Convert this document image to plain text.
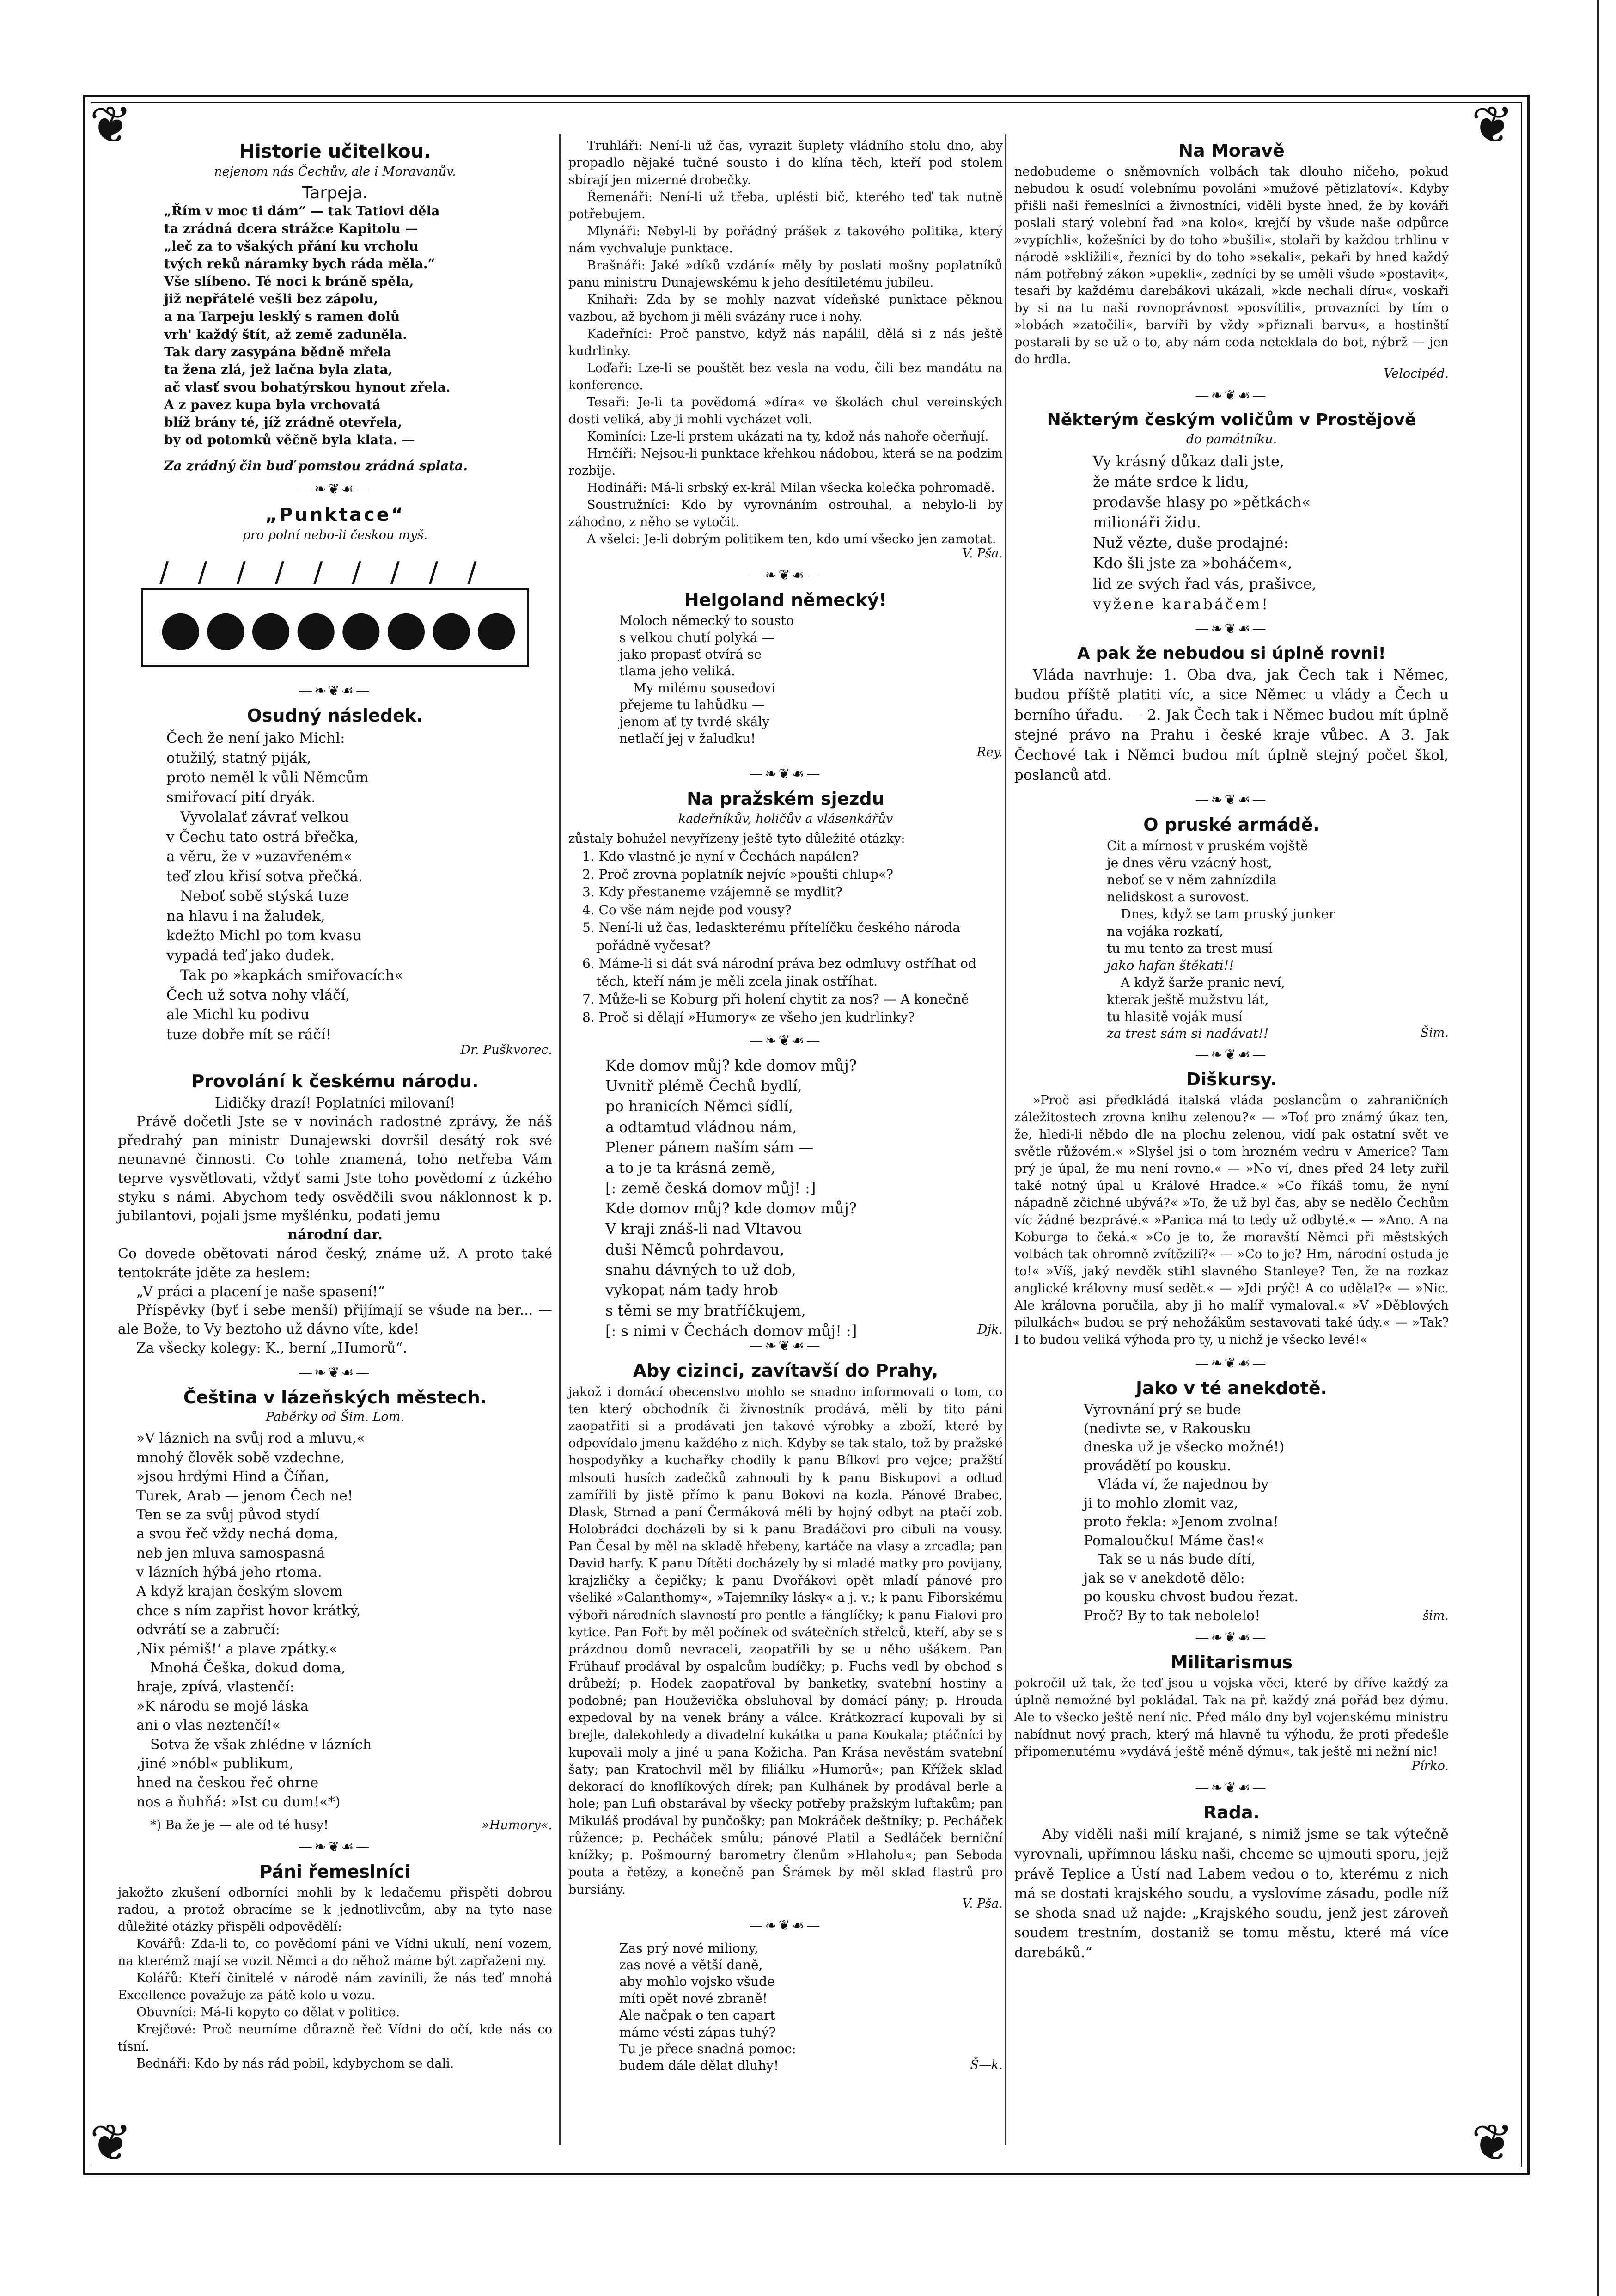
❦	❦
❦	❦
Historie učitelkou.
nejenom nás Čechův, ale i Moravanův.
Tarpeja.

„Řím v moc ti dám“ — tak Tatiovi děla

ta zrádná dcera strážce Kapitolu —

„leč za to všakých přání ku vrcholu

tvých reků náramky bych ráda měla.“

Vše slíbeno. Té noci k bráně spěla,

již nepřátelé vešli bez zápolu,

a na Tarpeju lesklý s ramen dolů

vrh' každý štít, až země zaduněla.

Tak dary zasypána bědně mřela

ta žena zlá, jež lačna byla zlata,

ač vlasť svou bohatýrskou hynout zřela.

A z pavez kupa byla vrchovatá

blíž brány té, jíž zrádně otevřela,

by od potomků věčně byla klata. —

Za zrádný čin buď pomstou zrádná splata.

—❧❦☙—
„Punktace“
pro polní nebo-li českou myš.
/ / / / / / / / /
●●●●●●●●
—❧❦☙—
Osudný následek.
Čech že není jako Michl:
otužilý, statný piják,
proto neměl k vůli Němcům
smiřovací pití dryák.
Vyvolalať závrať velkou
v Čechu tato ostrá břečka,
a věru, že v »uzavřeném«
teď zlou křisí sotva přečká.
Neboť sobě stýská tuze
na hlavu i na žaludek,
kdežto Michl po tom kvasu
vypadá teď jako dudek.
Tak po »kapkách smiřovacích«
Čech už sotva nohy vláčí,
ale Michl ku podivu
tuze dobře mít se ráčí!
Dr. Puškvorec.
Provolání k českému národu.

Lidičky drazí! Poplatníci milovaní!

Právě dočetli Jste se v novinách radostné zprávy, že náš předrahý pan ministr Dunajewski dovršil desátý rok své neunavné činnosti. Co tohle znamená, toho netřeba Vám teprve vysvětlovati, vždyť sami Jste toho povědomí z úzkého styku s námi. Abychom tedy osvědčili svou náklonnost k p. jubilantovi, pojali jsme myšlénku, podati jemu

národní dar.

Co dovede obětovati národ český, známe už. A proto také tentokráte jděte za heslem:

„V práci a placení je naše spasení!“

Příspěvky (byť i sebe menší) přijímají se všude na ber... — ale Bože, to Vy beztoho už dávno víte, kde!

Za všecky kolegy: K., berní „Humorů“.

—❧❦☙—
Čeština v lázeňských městech.
Paběrky od Šim. Lom.
»V láznich na svůj rod a mluvu,«
mnohý člověk sobě vzdechne,
»jsou hrdými Hind a Číňan,
Turek, Arab — jenom Čech ne!
Ten se za svůj původ stydí
a svou řeč vždy nechá doma,
neb jen mluva samospasná
v lázních hýbá jeho rtoma.
A když krajan českým slovem
chce s ním zapřist hovor krátký,
odvrátí se a zabručí:
‚Nix pémiš!‘ a plave zpátky.«
Mnohá Češka, dokud doma,
hraje, zpívá, vlastenčí:
»K národu se mojé láska
ani o vlas neztenčí!«
Sotva že však zhlédne v lázních
‚jiné »nóbl« publikum,
hned na českou řeč ohrne
nos a ňuhňá: »Ist cu dum!«*)
*) Ba že je — ale od té husy!	»Humory«.
—❧❦☙—
Páni řemeslníci

jakožto zkušení odborníci mohli by k ledačemu přispěti dobrou radou, a protož obracíme se k jednotlivcům, aby na tyto nase důležité otázky přispěli odpovědělí:

Kovářů: Zda-li to, co povědomí páni ve Vídni ukulí, není vozem, na kterémž mají se vozit Němci a do něhož máme být zapřaženi my.

Kolářů: Kteří činitelé v národě nám zavinili, že nás teď mnohá Excellence považuje za pátě kolo u vozu.

Obuvníci: Má-li kopyto co dělat v politice.

Krejčové: Proč neumíme důrazně řeč Vídni do očí, kde nás co tísní.

Bednáři: Kdo by nás rád pobil, kdybychom se dali.

Truhláři: Není-li už čas, vyrazit šuplety vládního stolu dno, aby propadlo nějaké tučné sousto i do klína těch, kteří pod stolem sbírají jen mizerné drobečky.

Řemenáři: Není-li už třeba, uplésti bič, kterého teď tak nutně potřebujem.

Mlynáři: Nebyl-li by pořádný prášek z takového politika, který nám vychvaluje punktace.

Brašnáři: Jaké »díků vzdání« měly by poslati mošny poplatníků panu ministru Dunajewskému k jeho desítiletému jubileu.

Knihaři: Zda by se mohly nazvat vídeňské punktace pěknou vazbou, až bychom ji měli svázány ruce i nohy.

Kadeřníci: Proč panstvo, když nás napálil, dělá si z nás ještě kudrlinky.

Loďaři: Lze-li se pouštět bez vesla na vodu, čili bez mandátu na konference.

Tesaři: Je-li ta povědomá »díra« ve školách chul vereinských dosti veliká, aby ji mohli vycházet voli.

Kominíci: Lze-li prstem ukázati na ty, kdož nás nahoře očerňují.

Hrnčíři: Nejsou-li punktace křehkou nádobou, která se na podzim rozbije.

Hodináři: Má-li srbský ex-král Milan všecka kolečka pohromadě.

Soustružníci: Kdo by vyrovnáním ostrouhal, a nebylo-li by záhodno, z něho se vytočit.

A všelci: Je-li dobrým politikem ten, kdo umí všecko jen zamotat.

V. Pša.
—❧❦☙—
Helgoland německý!
Moloch německý to sousto
s velkou chutí polyká —
jako propasť otvírá se
tlama jeho veliká.
My milému sousedovi
přejeme tu lahůdku —
jenom ať ty tvrdé skály
netlačí jej v žaludku!
Rey.
—❧❦☙—
Na pražském sjezdu
kadeřníkův, holičův a vlásenkářův

zůstaly bohužel nevyřízeny ještě tyto důležité otázky:

1. Kdo vlastně je nyní v Čechách napálen?
2. Proč zrovna poplatník nejvíc »poušti chlup«?
3. Kdy přestaneme vzájemně se mydlit?
4. Co vše nám nejde pod vousy?
5. Není-li už čas, ledaskterému přítelíčku českého národa pořádně vyčesat?
6. Máme-li si dát svá národní práva bez odmluvy ostříhat od těch, kteří nám je měli zcela jinak ostříhat.
7. Může-li se Koburg při holení chytit za nos? — A konečně
8. Proč si dělají »Humory« ze všeho jen kudrlinky?
—❧❦☙—
Kde domov můj? kde domov můj?
Uvnitř plémě Čechů bydlí,
po hranicích Němci sídlí,
a odtamtud vládnou nám,
Plener pánem naším sám —
a to je ta krásná země,
[: země česká domov můj! :]
Kde domov můj? kde domov můj?
V kraji znáš-li nad Vltavou
duši Němců pohrdavou,
snahu dávných to už dob,
vykopat nám tady hrob
s těmi se my bratříčkujem,
[: s nimi v Čechách domov můj! :]	Djk.
—❧❦☙—
Aby cizinci, zavítavší do Prahy,

jakož i domácí obecenstvo mohlo se snadno informovati o tom, co ten který obchodník či živnostník prodává, měli by tito páni zaopatřiti si a prodávati jen takové výrobky a zboží, které by odpovídalo jmenu každého z nich. Kdyby se tak stalo, tož by pražské hospodyňky a kuchařky chodily k panu Bílkovi pro vejce; pražští mlsouti husích zadečků zahnouli by k panu Biskupovi a odtud zamířili by jistě přímo k panu Bokovi na kozla. Pánové Brabec, Dlask, Strnad a paní Čermáková měli by hojný odbyt na ptačí zob. Holobrádci docházeli by si k panu Bradáčovi pro cibuli na vousy. Pan Česal by měl na skladě hřebeny, kartáče na vlasy a zrcadla; pan David harfy. K panu Dítěti docházely by si mladé matky pro povijany, krajzličky a čepičky; k panu Dvořákovi opět mladí pánové pro všeliké »Galanthomy«, »Tajemníky lásky« a j. v.; k panu Fiborskému výboři národních slavností pro pentle a fánglíčky; k panu Fialovi pro kytice. Pan Fořt by měl počínek od svátečních střelců, kteří, aby se s prázdnou domů nevraceli, zaopatřili by se u něho ušákem. Pan Frühauf prodával by ospalcům budíčky; p. Fuchs vedl by obchod s drůbeží; p. Hodek zaopatřoval by banketky, svatební hostiny a podobné; pan Houževička obsluhoval by domácí pány; p. Hrouda expedoval by na venek brány a válce. Krátkozrací kupovali by si brejle, dalekohledy a divadelní kukátka u pana Koukala; ptáčníci by kupovali moly a jiné u pana Kožicha. Pan Krása nevěstám svatební šaty; pan Kratochvil měl by filiálku »Humorů«; pan Křížek sklad dekorací do knoflíkových dírek; pan Kulhánek by prodával berle a hole; pan Lufi obstarával by všecky potřeby pražským luftakům; pan Mikuláš prodával by punčošky; pan Mokráček deštníky; p. Pecháček růžence; p. Pecháček smůlu; pánové Platil a Sedláček berniční knížky; p. Pošmourný barometry členům »Hlaholu«; pan Seboda pouta a řetězy, a konečně pan Šrámek by měl sklad flastrů pro bursiány.

V. Pša.
—❧❦☙—
Zas prý nové miliony,
zas nové a větší daně,
aby mohlo vojsko všude
míti opět nové zbraně!
Ale načpak o ten capart
máme vésti zápas tuhý?
Tu je přece snadná pomoc:
budem dále dělat dluhy!	Š—k.
Na Moravě

nedobudeme o sněmovních volbách tak dlouho ničeho, pokud nebudou k osudí volebnímu povoláni »mužové pětizlatoví«. Kdyby přišli naši řemeslníci a živnostníci, viděli byste hned, že by kováři poslali starý volební řad »na kolo«, krejčí by všude naše odpůrce »vypíchli«, kožešníci by do toho »bušili«, stolaři by každou trhlinu v národě »skližili«, řezníci by do toho »sekali«, pekaři by hned každý nám potřebný zákon »upekli«, zedníci by se uměli všude »postavit«, tesaři by každému darebákovi ukázali, »kde nechali díru«, voskaři by si na tu naši rovnoprávnost »posvítili«, provazníci by tím o »lobách »zatočili«, barvíři by vždy »přiznali barvu«, a hostinští postarali by se už o to, aby nám coda neteklala do bot, nýbrž — jen do hrdla.

Velocipéd.
—❧❦☙—
Některým českým voličům v Prostějově
do památníku.
Vy krásný důkaz dali jste,
že máte srdce k lidu,
prodavše hlasy po »pětkách«
milionáři židu.
Nuž vězte, duše prodajné:
Kdo šli jste za »boháčem«,
lid ze svých řad vás, prašivce,
vyžene karabáčem!
—❧❦☙—
A pak že nebudou si úplně rovni!

Vláda navrhuje: 1. Oba dva, jak Čech tak i Němec, budou příště platiti víc, a sice Němec u vlády a Čech u berního úřadu. — 2. Jak Čech tak i Němec budou mít úplně stejné právo na Prahu i české kraje vůbec. A 3. Jak Čechové tak i Němci budou mít úplně stejný počet škol, poslanců atd.

—❧❦☙—
O pruské armádě.
Cit a mírnost v pruském vojště
je dnes věru vzácný host,
neboť se v něm zahnízdila
nelidskost a surovost.
Dnes, když se tam pruský junker
na vojáka rozkatí,
tu mu tento za trest musí
jako hafan štěkati!!
A když šarže pranic neví,
kterak ještě mužstvu lát,
tu hlasitě voják musí
za trest sám si nadávat!!	Šim.
—❧❦☙—
Diškursy.

»Proč asi předkládá italská vláda poslancům o zahraničních záležitostech zrovna knihu zelenou?« — »Toť pro známý úkaz ten, že, hledi-li něbdo dle na plochu zelenou, vidí pak ostatní svět ve světle růžovém.« »Slyšel jsi o tom hrozném vedru v Americe? Tam prý je úpal, že mu není rovno.« — »No ví, dnes před 24 lety zuřil také notný úpal u Králové Hradce.« »Co říkáš tomu, že nyní nápadně zčichné ubývá?« »To, že už byl čas, aby se nedělo Čechům víc žádné bezprávé.« »Panica má to tedy už odbyté.« — »Ano. A na Koburga to čeká.« »Co je to, že moravští Němci při městských volbách tak ohromně zvítězili?« — »Co to je? Hm, národní ostuda je to!« »Víš, jaký nevděk stihl slavného Stanleye? Ten, že na rozkaz anglické královny musí sedět.« — »Jdi prýč! A co udělal?« — »Nic. Ale královna poručila, aby ji ho malíř vymaloval.« »V »Děblových pilulkách« budou se prý nehožákům sestavovati také údy.« — »Tak? I to budou veliká výhoda pro ty, u nichž je všecko levé!«

—❧❦☙—
Jako v té anekdotě.
Vyrovnání prý se bude
(nedivte se, v Rakousku
dneska už je všecko možné!)
provádětí po kousku.
Vláda ví, že najednou by
ji to mohlo zlomit vaz,
proto řekla: »Jenom zvolna!
Pomaloučku! Máme čas!«
Tak se u nás bude dítí,
jak se v anekdotě dělo:
po kousku chvost budou řezat.
Proč? By to tak nebolelo!	šim.
—❧❦☙—
Militarismus

pokročil už tak, že teď jsou u vojska věci, které by dříve každý za úplně nemožné byl pokládal. Tak na př. každý zná pořád bez dýmu. Ale to všecko ještě není nic. Před málo dny byl vojenskému ministru nabídnut nový prach, který má hlavně tu výhodu, že proti předešle připomenutému »vydává ještě méně dýmu«, tak ještě mi nežní nic!

Pírko.
—❧❦☙—
Rada.

Aby viděli naši milí krajané, s nimiž jsme se tak výtečně vyrovnali, upřímnou lásku naši, chceme se ujmouti sporu, jejž právě Teplice a Ústí nad Labem vedou o to, kterému z nich má se dostati krajského soudu, a vyslovíme zásadu, podle níž se shoda snad už najde: „Krajského soudu, jenž jest zároveň soudem trestním, dostaniž se tomu městu, které má více darebáků.“
